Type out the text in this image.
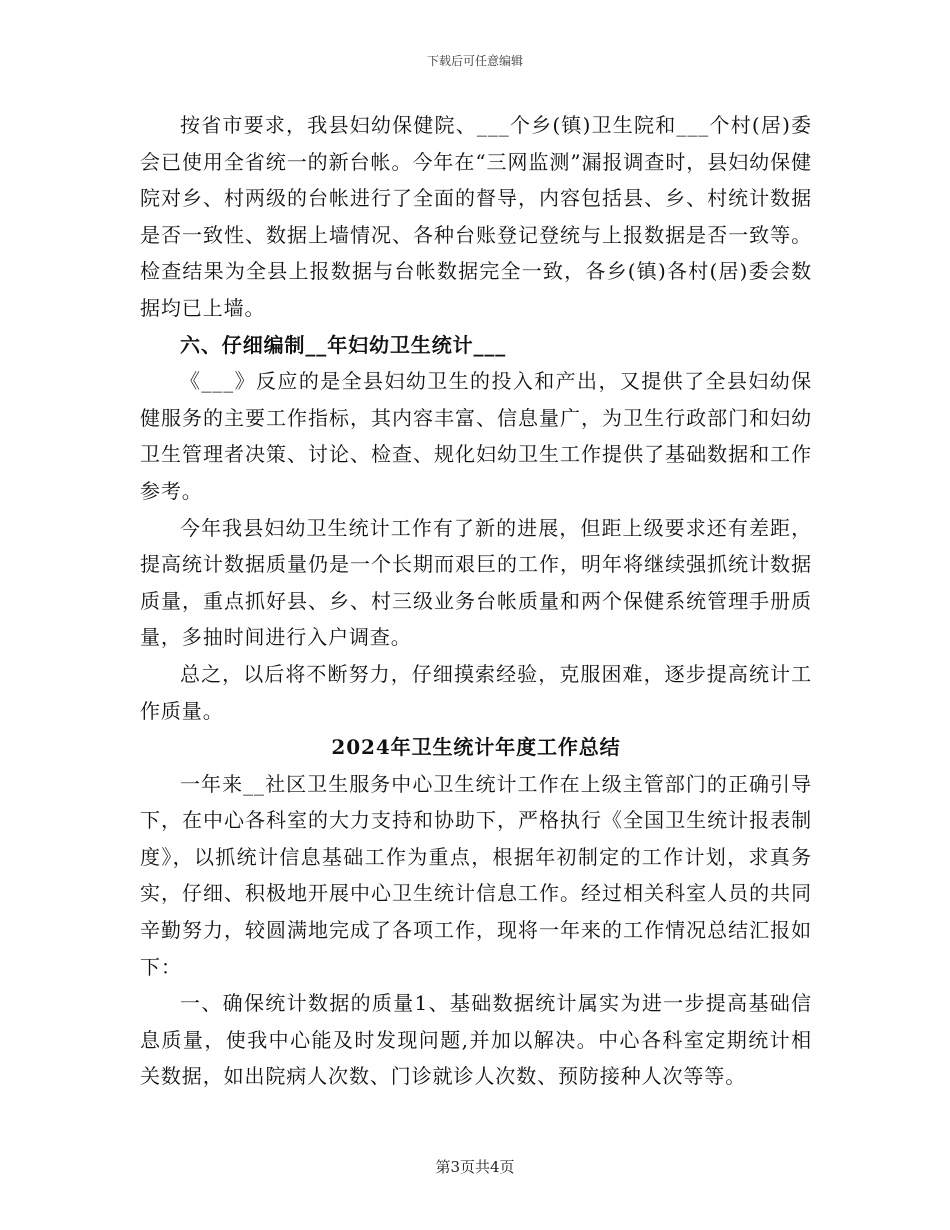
下载后可任意编辑

按省市要求，我县妇幼保健院、___个乡(镇)卫生院和___个村(居)委会已使用全省统一的新台帐。今年在“三网监测”漏报调查时，县妇幼保健院对乡、村两级的台帐进行了全面的督导，内容包括县、乡、村统计数据是否一致性、数据上墙情况、各种台账登记登统与上报数据是否一致等。检查结果为全县上报数据与台帐数据完全一致，各乡(镇)各村(居)委会数据均已上墙。

六、仔细编制__年妇幼卫生统计___

《___》反应的是全县妇幼卫生的投入和产出，又提供了全县妇幼保健服务的主要工作指标，其内容丰富、信息量广，为卫生行政部门和妇幼卫生管理者决策、讨论、检查、规化妇幼卫生工作提供了基础数据和工作参考。

今年我县妇幼卫生统计工作有了新的进展，但距上级要求还有差距，提高统计数据质量仍是一个长期而艰巨的工作，明年将继续强抓统计数据质量，重点抓好县、乡、村三级业务台帐质量和两个保健系统管理手册质量，多抽时间进行入户调查。

总之，以后将不断努力，仔细摸索经验，克服困难，逐步提高统计工作质量。

2024年卫生统计年度工作总结

一年来__社区卫生服务中心卫生统计工作在上级主管部门的正确引导下，在中心各科室的大力支持和协助下，严格执行《全国卫生统计报表制度》，以抓统计信息基础工作为重点，根据年初制定的工作计划，求真务实，仔细、积极地开展中心卫生统计信息工作。经过相关科室人员的共同辛勤努力，较圆满地完成了各项工作，现将一年来的工作情况总结汇报如下：

一、确保统计数据的质量1、基础数据统计属实为进一步提高基础信息质量，使我中心能及时发现问题,并加以解决。中心各科室定期统计相关数据，如出院病人次数、门诊就诊人次数、预防接种人次等等。

第3页共4页
